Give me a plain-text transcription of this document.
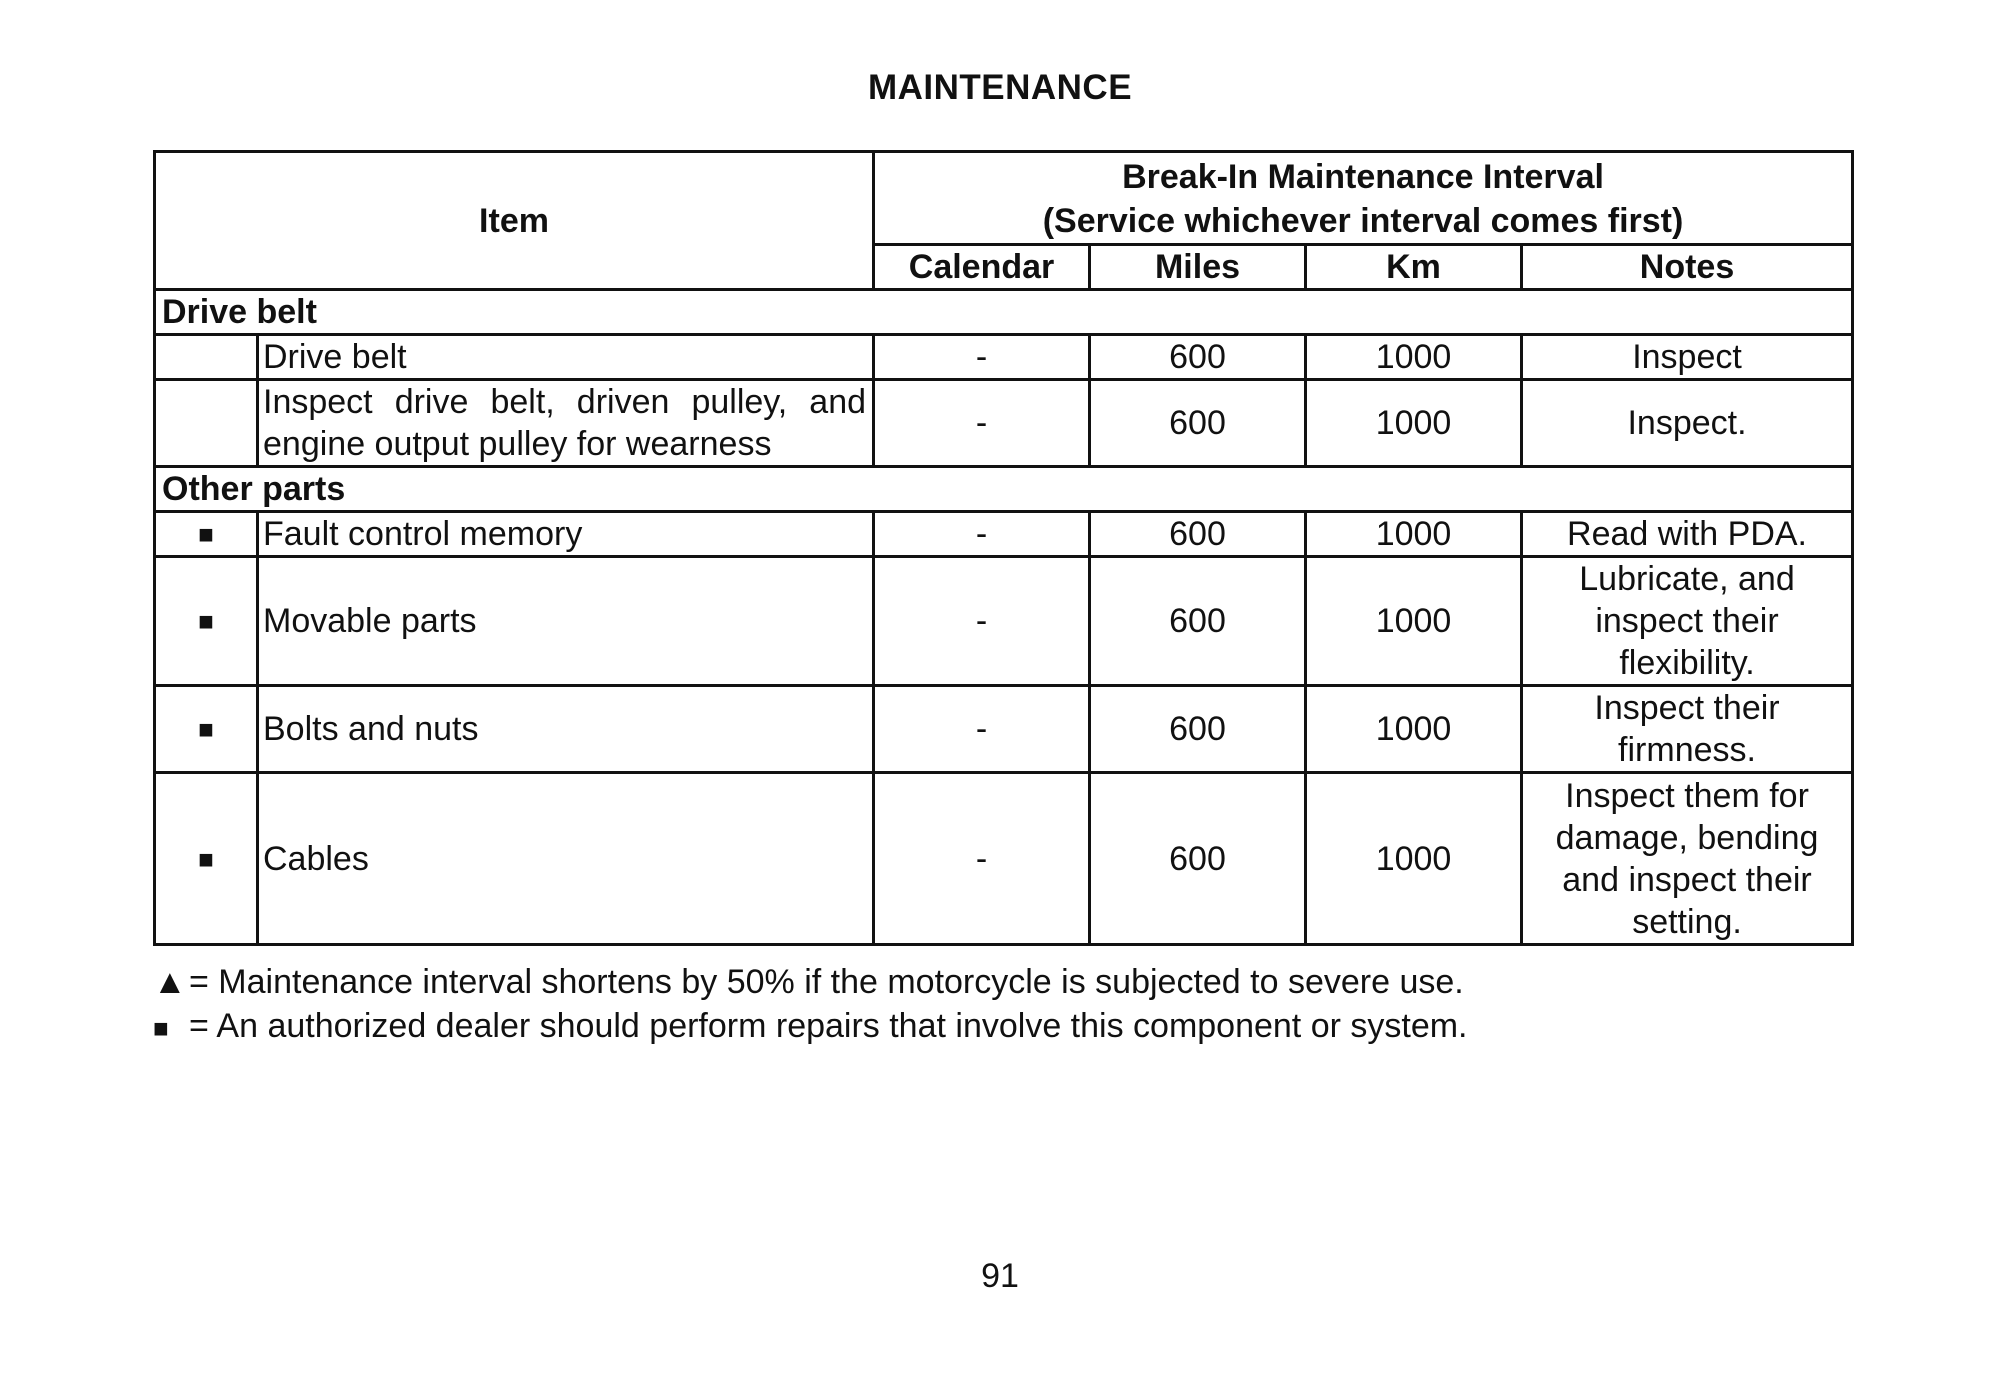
MAINTENANCE
Item		Break-In Maintenance Interval
(Service whichever interval comes first)			

		Calendar	Miles	Km	Notes
Drive belt					
	Drive belt	-	600	1000	Inspect
	Inspect drive belt, driven pulley, and engine output pulley for wearness	-	600	1000	Inspect.
Other parts					
■	Fault control memory	-	600	1000	Read with PDA.
■	Movable parts	-	600	1000	Lubricate, and inspect their flexibility.
■	Bolts and nuts	-	600	1000	Inspect their firmness.
■	Cables	-	600	1000	Inspect them for damage, bending and inspect their setting.
▲= Maintenance interval shortens by 50% if the motorcycle is subjected to severe use.
■ = An authorized dealer should perform repairs that involve this component or system.
91
